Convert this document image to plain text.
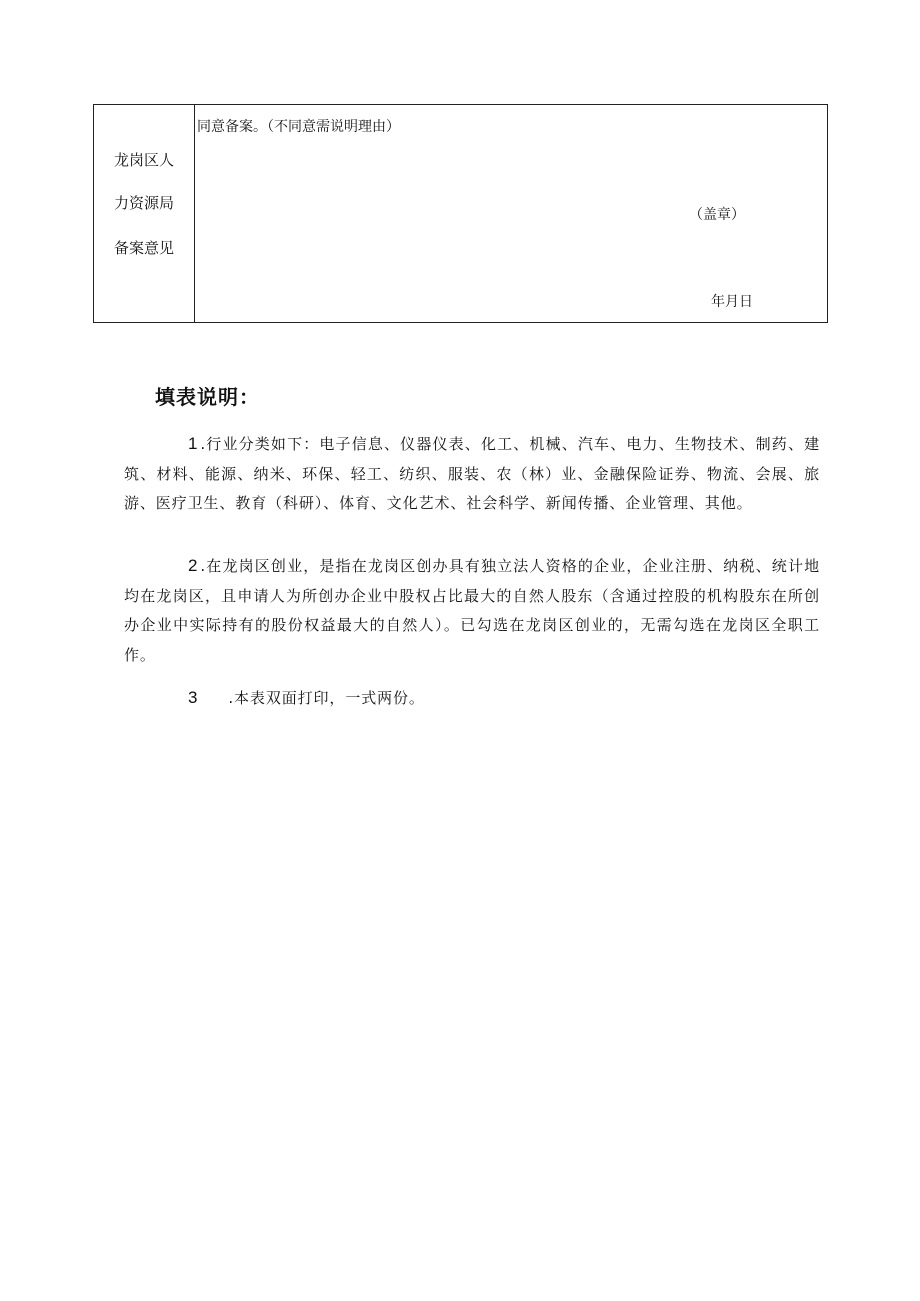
龙岗区人
力资源局
备案意见
同意备案。（不同意需说明理由）
（盖章）
年月日
填表说明：
1 .行业分类如下：电子信息、仪器仪表、化工、机械、汽车、电力、生物技术、制药、建筑、材料、能源、纳米、环保、轻工、纺织、服装、农（林）业、金融保险证券、物流、会展、旅游、医疗卫生、教育（科研）、体育、文化艺术、社会科学、新闻传播、企业管理、其他。
2 .在龙岗区创业，是指在龙岗区创办具有独立法人资格的企业，企业注册、纳税、统计地均在龙岗区，且申请人为所创办企业中股权占比最大的自然人股东（含通过控股的机构股东在所创办企业中实际持有的股份权益最大的自然人）。已勾选在龙岗区创业的，无需勾选在龙岗区全职工作。
3 .本表双面打印，一式两份。
